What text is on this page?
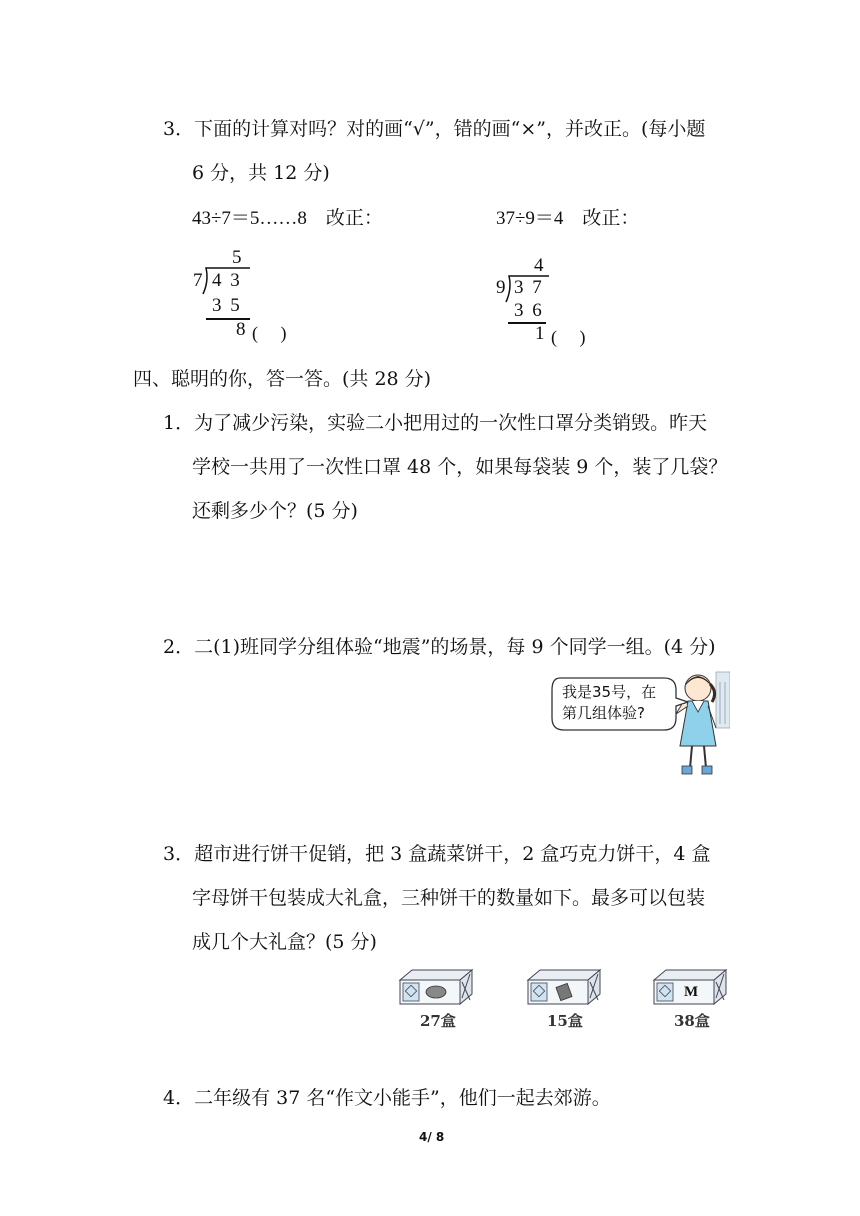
3．下面的计算对吗？对的画“√”，错的画“×”，并改正。(每小题
6 分，共 12 分)
43÷7＝5……8　改正：	37÷9＝4　改正：
5
7 4 3
3 5
8 (　 )
4
9 3 7
3 6
1 (　 )
四、聪明的你，答一答。(共 28 分)
1．为了减少污染，实验二小把用过的一次性口罩分类销毁。昨天
学校一共用了一次性口罩 48 个，如果每袋装 9 个，装了几袋？
还剩多少个？(5 分)
2．二(1)班同学分组体验“地震”的场景，每 9 个同学一组。(4 分)
我是35号，在
第几组体验?
3．超市进行饼干促销，把 3 盒蔬菜饼干，2 盒巧克力饼干，4 盒
字母饼干包装成大礼盒，三种饼干的数量如下。最多可以包装
成几个大礼盒？(5 分)
27盒	15盒
M
38盒
4．二年级有 37 名“作文小能手”，他们一起去郊游。
4/ 8
